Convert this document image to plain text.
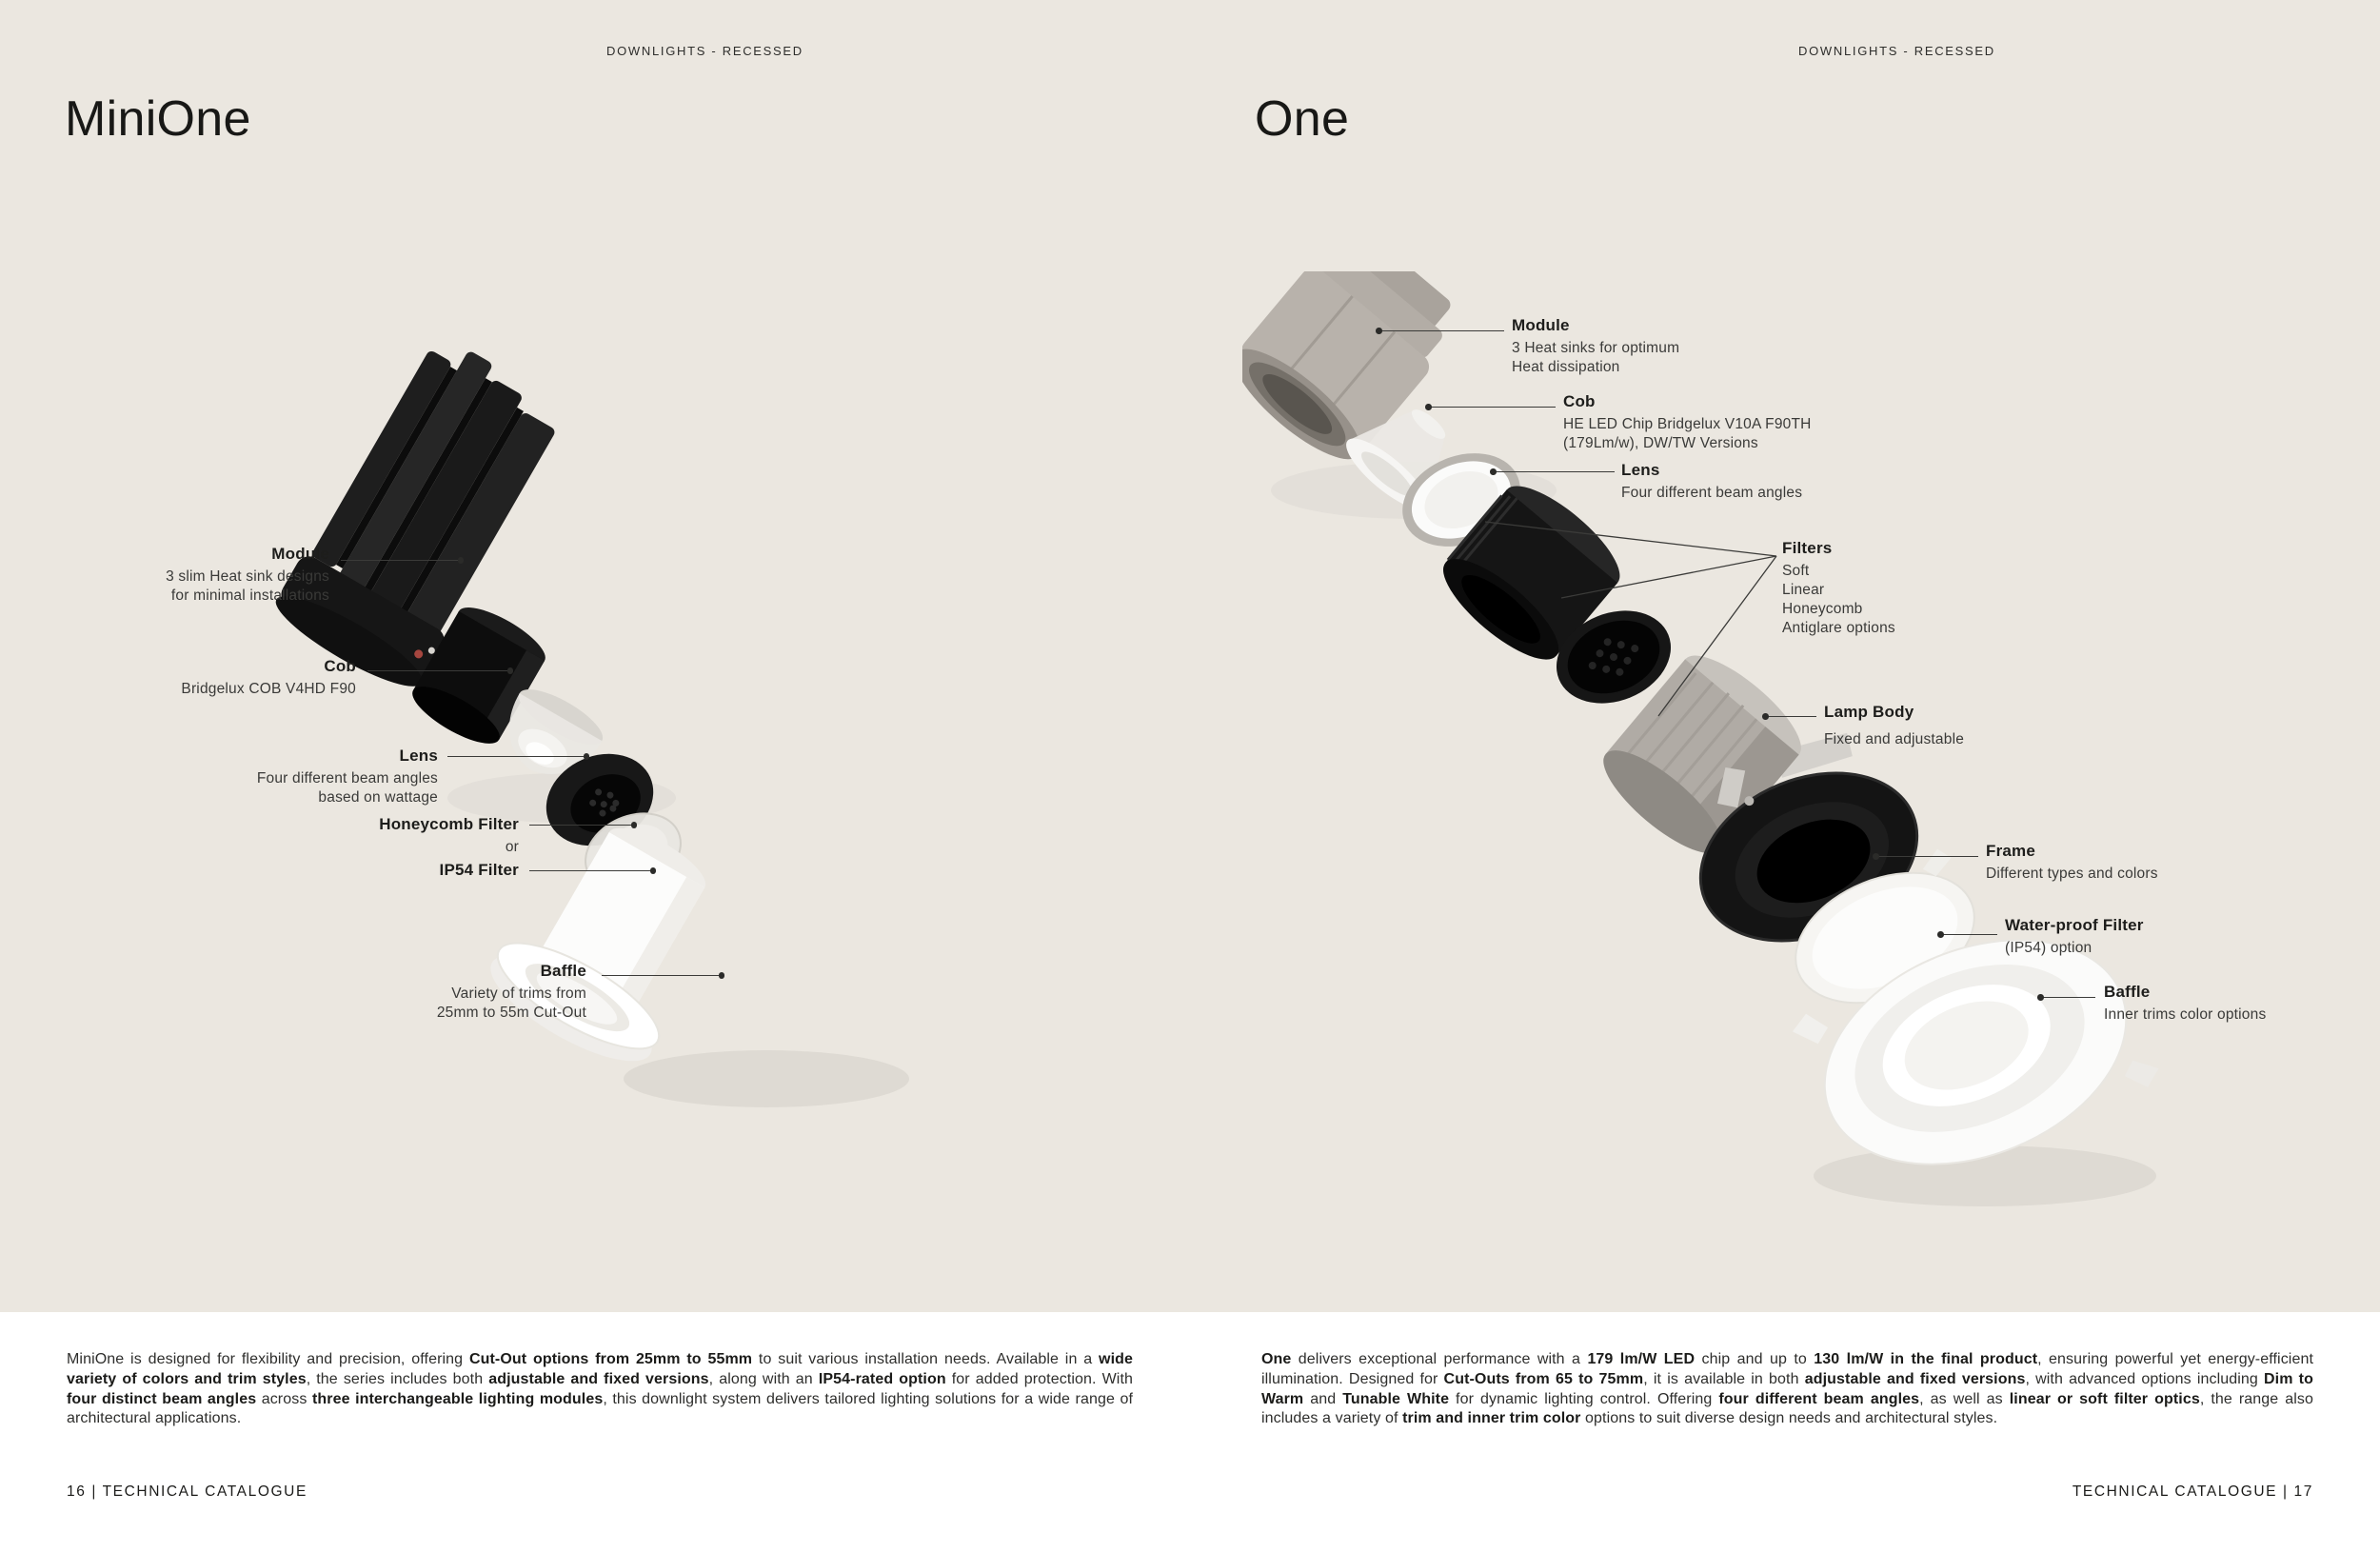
DOWNLIGHTS - RECESSED
MiniOne
Module
3 slim Heat sink designs
for minimal installations
Cob
Bridgelux COB V4HD F90
Lens
Four different beam angles
based on wattage
Honeycomb Filter
or
IP54 Filter
Baffle
Variety of trims from
25mm to 55m Cut-Out
MiniOne is designed for flexibility and precision, offering Cut-Out options from 25mm to 55mm to suit various installation needs. Available in a wide variety of colors and trim styles, the series includes both adjustable and fixed versions, along with an IP54-rated option for added protection. With four distinct beam angles across three interchangeable lighting modules, this downlight system delivers tailored lighting solutions for a wide range of architectural applications.
16 | TECHNICAL CATALOGUE
DOWNLIGHTS - RECESSED
One
Module
3 Heat sinks for optimum
Heat dissipation
Cob
HE LED Chip Bridgelux V10A F90TH
(179Lm/w), DW/TW Versions
Lens
Four different beam angles
Filters
Soft
Linear
Honeycomb
Antiglare options
Lamp Body
Fixed and adjustable
Frame
Different types and colors
Water-proof Filter
(IP54) option
Baffle
Inner trims color options
One delivers exceptional performance with a 179 lm/W LED chip and up to 130 lm/W in the final product, ensuring powerful yet energy-efficient illumination. Designed for Cut-Outs from 65 to 75mm, it is available in both adjustable and fixed versions, with advanced options including Dim to Warm and Tunable White for dynamic lighting control. Offering four different beam angles, as well as linear or soft filter optics, the range also includes a variety of trim and inner trim color options to suit diverse design needs and architectural styles.
TECHNICAL CATALOGUE | 17
